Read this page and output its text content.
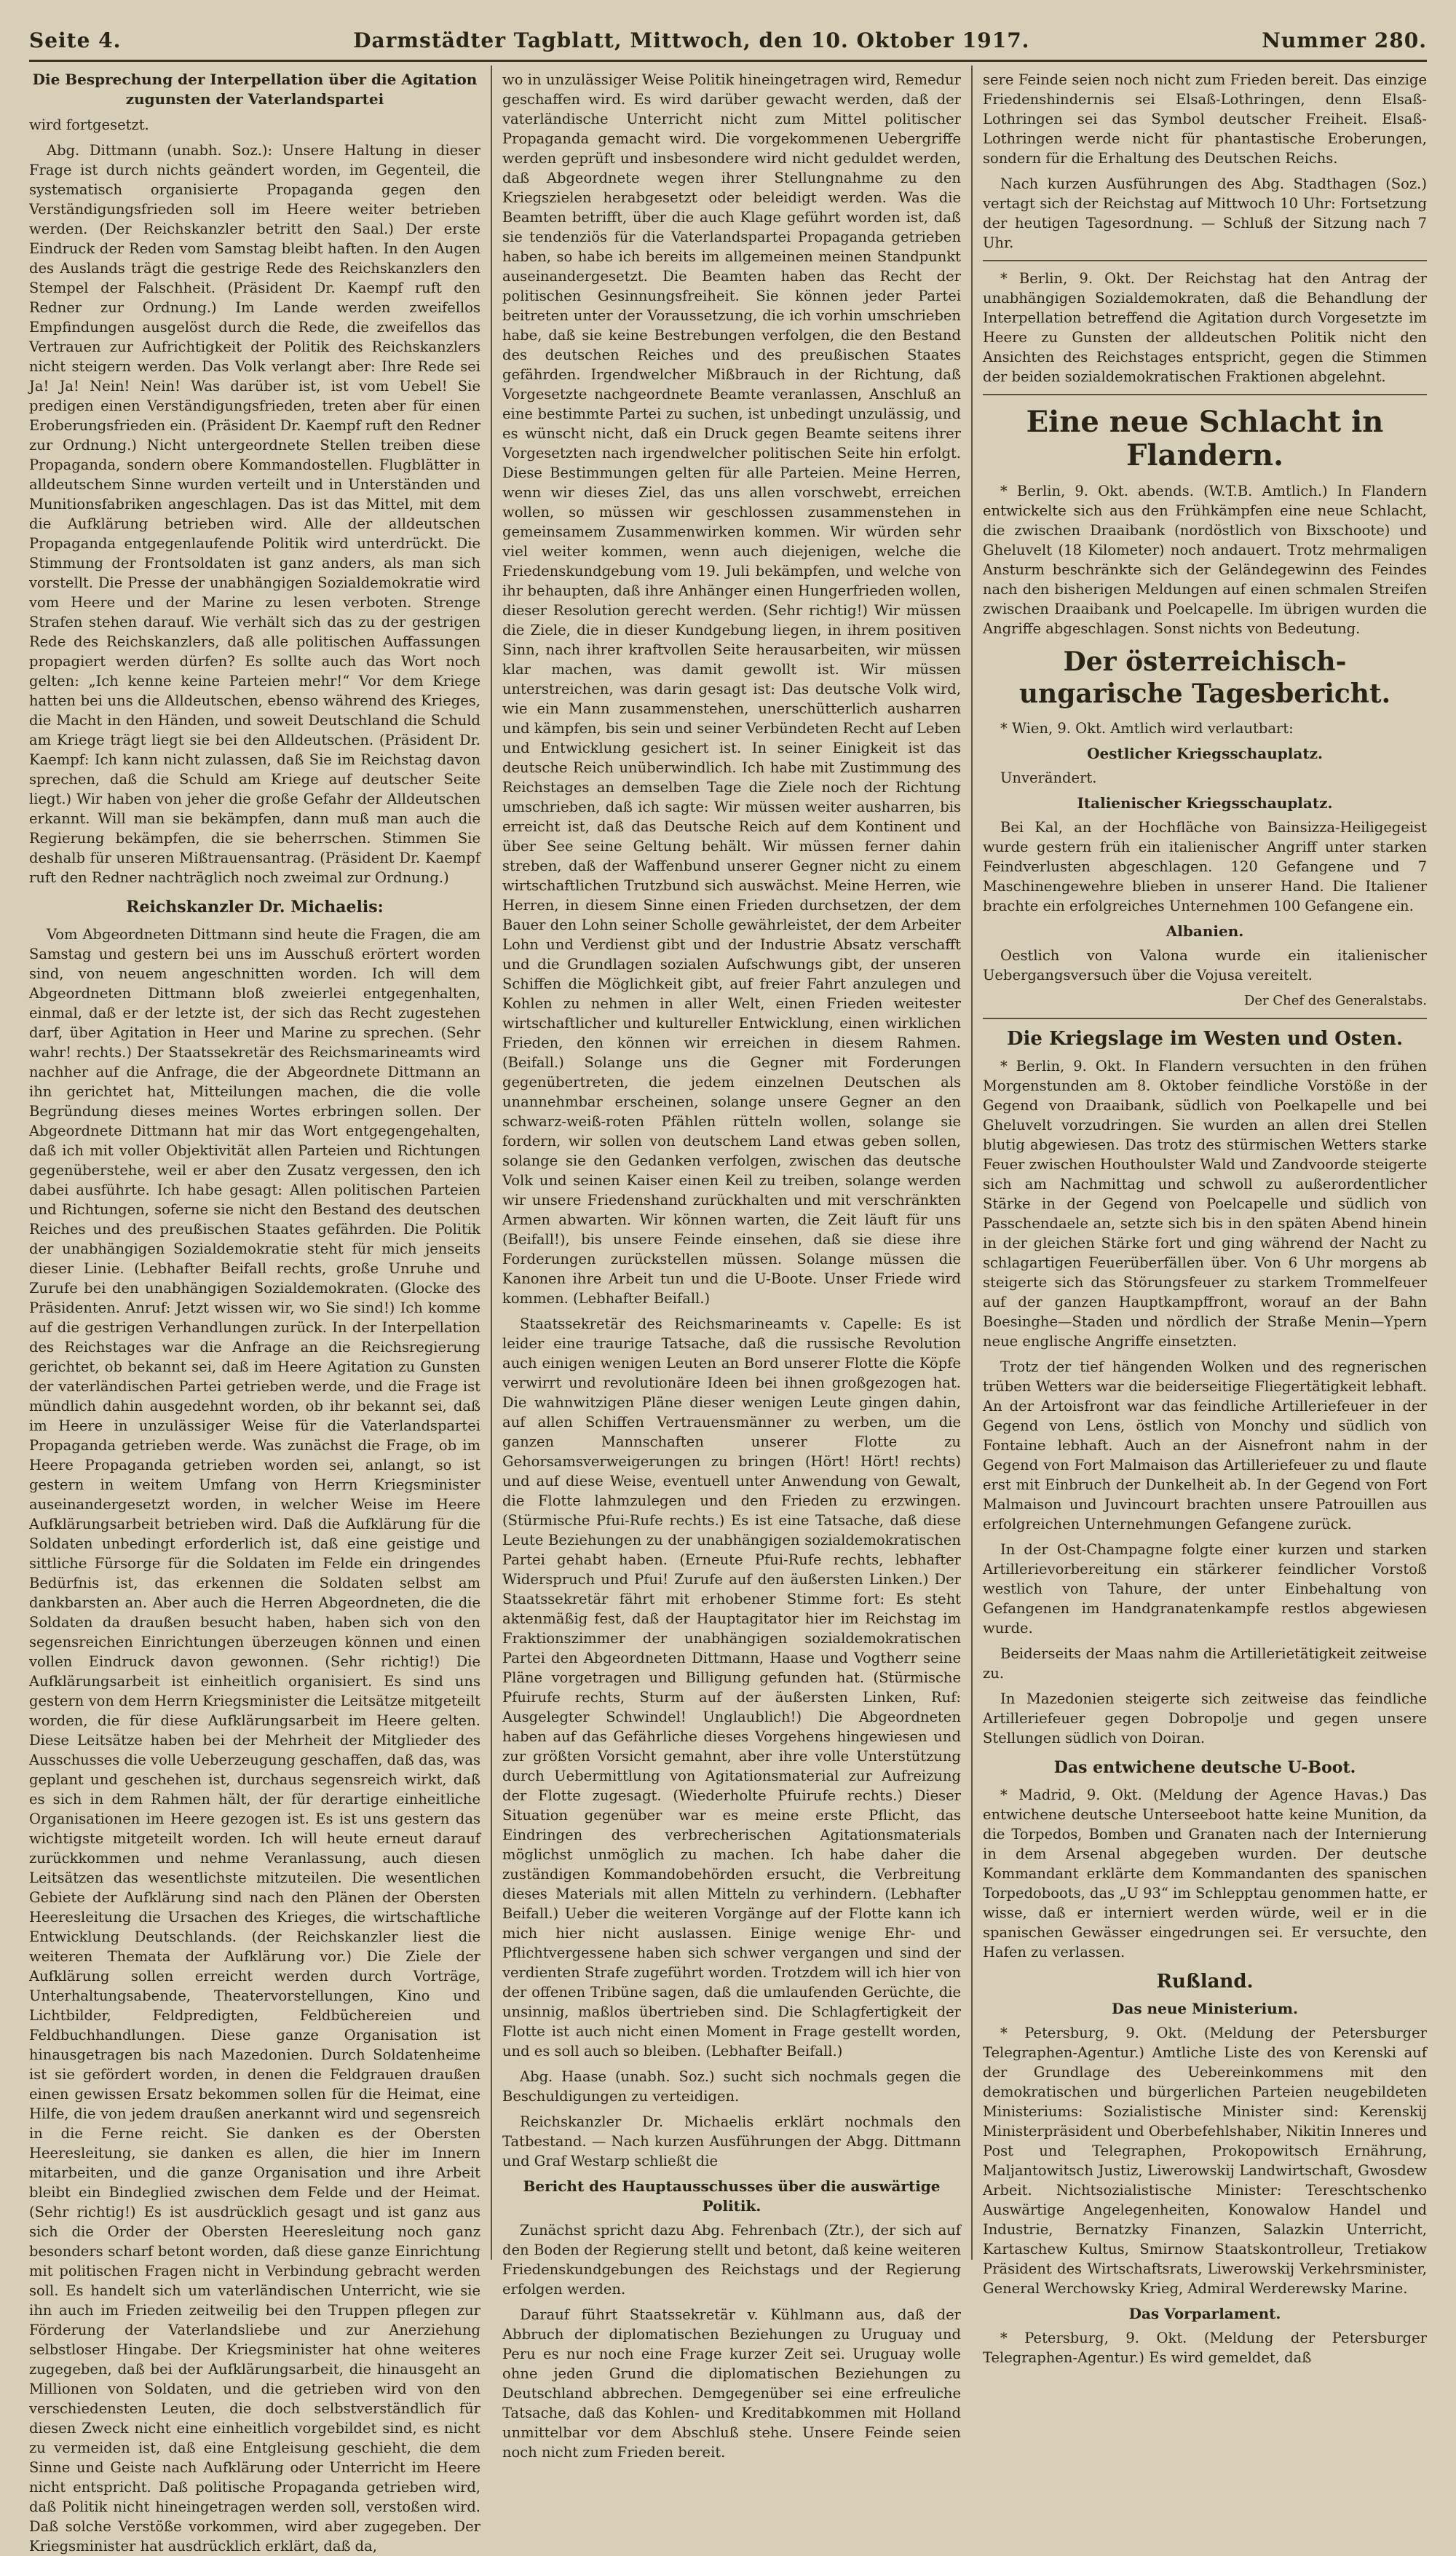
Seite 4.	Darmstädter Tagblatt, Mittwoch, den 10. Oktober 1917.	Nummer 280.
Die Besprechung der Interpellation über die Agitation zugunsten der Vaterlandspartei

wird fortgesetzt.

Abg. Dittmann (unabh. Soz.): Unsere Haltung in dieser Frage ist durch nichts geändert worden, im Gegenteil, die systematisch organisierte Propaganda gegen den Verständigungsfrieden soll im Heere weiter betrieben werden. (Der Reichskanzler betritt den Saal.) Der erste Eindruck der Reden vom Samstag bleibt haften. In den Augen des Auslands trägt die gestrige Rede des Reichskanzlers den Stempel der Falschheit. (Präsident Dr. Kaempf ruft den Redner zur Ordnung.) Im Lande werden zweifellos Empfindungen ausgelöst durch die Rede, die zweifellos das Vertrauen zur Aufrichtigkeit der Politik des Reichskanzlers nicht steigern werden. Das Volk verlangt aber: Ihre Rede sei Ja! Ja! Nein! Nein! Was darüber ist, ist vom Uebel! Sie predigen einen Verständigungsfrieden, treten aber für einen Eroberungsfrieden ein. (Präsident Dr. Kaempf ruft den Redner zur Ordnung.) Nicht untergeordnete Stellen treiben diese Propaganda, sondern obere Kommandostellen. Flugblätter in alldeutschem Sinne wurden verteilt und in Unterständen und Munitionsfabriken angeschlagen. Das ist das Mittel, mit dem die Aufklärung betrieben wird. Alle der alldeutschen Propaganda entgegenlaufende Politik wird unterdrückt. Die Stimmung der Frontsoldaten ist ganz anders, als man sich vorstellt. Die Presse der unabhängigen Sozialdemokratie wird vom Heere und der Marine zu lesen verboten. Strenge Strafen stehen darauf. Wie verhält sich das zu der gestrigen Rede des Reichskanzlers, daß alle politischen Auffassungen propagiert werden dürfen? Es sollte auch das Wort noch gelten: „Ich kenne keine Parteien mehr!“ Vor dem Kriege hatten bei uns die Alldeutschen, ebenso während des Krieges, die Macht in den Händen, und soweit Deutschland die Schuld am Kriege trägt liegt sie bei den Alldeutschen. (Präsident Dr. Kaempf: Ich kann nicht zulassen, daß Sie im Reichstag davon sprechen, daß die Schuld am Kriege auf deutscher Seite liegt.) Wir haben von jeher die große Gefahr der Alldeutschen erkannt. Will man sie bekämpfen, dann muß man auch die Regierung bekämpfen, die sie beherrschen. Stimmen Sie deshalb für unseren Mißtrauensantrag. (Präsident Dr. Kaempf ruft den Redner nachträglich noch zweimal zur Ordnung.)

Reichskanzler Dr. Michaelis:

Vom Abgeordneten Dittmann sind heute die Fragen, die am Samstag und gestern bei uns im Ausschuß erörtert worden sind, von neuem angeschnitten worden. Ich will dem Abgeordneten Dittmann bloß zweierlei entgegenhalten, einmal, daß er der letzte ist, der sich das Recht zugestehen darf, über Agitation in Heer und Marine zu sprechen. (Sehr wahr! rechts.) Der Staatssekretär des Reichsmarineamts wird nachher auf die Anfrage, die der Abgeordnete Dittmann an ihn gerichtet hat, Mitteilungen machen, die die volle Begründung dieses meines Wortes erbringen sollen. Der Abgeordnete Dittmann hat mir das Wort entgegengehalten, daß ich mit voller Objektivität allen Parteien und Richtungen gegenüberstehe, weil er aber den Zusatz vergessen, den ich dabei ausführte. Ich habe gesagt: Allen politischen Parteien und Richtungen, soferne sie nicht den Bestand des deutschen Reiches und des preußischen Staates gefährden. Die Politik der unabhängigen Sozialdemokratie steht für mich jenseits dieser Linie. (Lebhafter Beifall rechts, große Unruhe und Zurufe bei den unabhängigen Sozialdemokraten. (Glocke des Präsidenten. Anruf: Jetzt wissen wir, wo Sie sind!) Ich komme auf die gestrigen Verhandlungen zurück. In der Interpellation des Reichstages war die Anfrage an die Reichsregierung gerichtet, ob bekannt sei, daß im Heere Agitation zu Gunsten der vaterländischen Partei getrieben werde, und die Frage ist mündlich dahin ausgedehnt worden, ob ihr bekannt sei, daß im Heere in unzulässiger Weise für die Vaterlandspartei Propaganda getrieben werde. Was zunächst die Frage, ob im Heere Propaganda getrieben worden sei, anlangt, so ist gestern in weitem Umfang von Herrn Kriegsminister auseinandergesetzt worden, in welcher Weise im Heere Aufklärungsarbeit betrieben wird. Daß die Aufklärung für die Soldaten unbedingt erforderlich ist, daß eine geistige und sittliche Fürsorge für die Soldaten im Felde ein dringendes Bedürfnis ist, das erkennen die Soldaten selbst am dankbarsten an. Aber auch die Herren Abgeordneten, die die Soldaten da draußen besucht haben, haben sich von den segensreichen Einrichtungen überzeugen können und einen vollen Eindruck davon gewonnen. (Sehr richtig!) Die Aufklärungsarbeit ist einheitlich organisiert. Es sind uns gestern von dem Herrn Kriegsminister die Leitsätze mitgeteilt worden, die für diese Aufklärungsarbeit im Heere gelten. Diese Leitsätze haben bei der Mehrheit der Mitglieder des Ausschusses die volle Ueberzeugung geschaffen, daß das, was geplant und geschehen ist, durchaus segensreich wirkt, daß es sich in dem Rahmen hält, der für derartige einheitliche Organisationen im Heere gezogen ist. Es ist uns gestern das wichtigste mitgeteilt worden. Ich will heute erneut darauf zurückkommen und nehme Veranlassung, auch diesen Leitsätzen das wesentlichste mitzuteilen. Die wesentlichen Gebiete der Aufklärung sind nach den Plänen der Obersten Heeresleitung die Ursachen des Krieges, die wirtschaftliche Entwicklung Deutschlands. (der Reichskanzler liest die weiteren Themata der Aufklärung vor.) Die Ziele der Aufklärung sollen erreicht werden durch Vorträge, Unterhaltungsabende, Theatervorstellungen, Kino und Lichtbilder, Feldpredigten, Feldbüchereien und Feldbuchhandlungen. Diese ganze Organisation ist hinausgetragen bis nach Mazedonien. Durch Soldatenheime ist sie gefördert worden, in denen die Feldgrauen draußen einen gewissen Ersatz bekommen sollen für die Heimat, eine Hilfe, die von jedem draußen anerkannt wird und segensreich in die Ferne reicht. Sie danken es der Obersten Heeresleitung, sie danken es allen, die hier im Innern mitarbeiten, und die ganze Organisation und ihre Arbeit bleibt ein Bindeglied zwischen dem Felde und der Heimat. (Sehr richtig!) Es ist ausdrücklich gesagt und ist ganz aus sich die Order der Obersten Heeresleitung noch ganz besonders scharf betont worden, daß diese ganze Einrichtung mit politischen Fragen nicht in Verbindung gebracht werden soll. Es handelt sich um vaterländischen Unterricht, wie sie ihn auch im Frieden zeitweilig bei den Truppen pflegen zur Förderung der Vaterlandsliebe und zur Anerziehung selbstloser Hingabe. Der Kriegsminister hat ohne weiteres zugegeben, daß bei der Aufklärungsarbeit, die hinausgeht an Millionen von Soldaten, und die getrieben wird von den verschiedensten Leuten, die doch selbstverständlich für diesen Zweck nicht eine einheitlich vorgebildet sind, es nicht zu vermeiden ist, daß eine Entgleisung geschieht, die dem Sinne und Geiste nach Aufklärung oder Unterricht im Heere nicht entspricht. Daß politische Propaganda getrieben wird, daß Politik nicht hineingetragen werden soll, verstoßen wird. Daß solche Verstöße vorkommen, wird aber zugegeben. Der Kriegsminister hat ausdrücklich erklärt, daß da,

wo in unzulässiger Weise Politik hineingetragen wird, Remedur geschaffen wird. Es wird darüber gewacht werden, daß der vaterländische Unterricht nicht zum Mittel politischer Propaganda gemacht wird. Die vorgekommenen Uebergriffe werden geprüft und insbesondere wird nicht geduldet werden, daß Abgeordnete wegen ihrer Stellungnahme zu den Kriegszielen herabgesetzt oder beleidigt werden. Was die Beamten betrifft, über die auch Klage geführt worden ist, daß sie tendenziös für die Vaterlandspartei Propaganda getrieben haben, so habe ich bereits im allgemeinen meinen Standpunkt auseinandergesetzt. Die Beamten haben das Recht der politischen Gesinnungsfreiheit. Sie können jeder Partei beitreten unter der Voraussetzung, die ich vorhin umschrieben habe, daß sie keine Bestrebungen verfolgen, die den Bestand des deutschen Reiches und des preußischen Staates gefährden. Irgendwelcher Mißbrauch in der Richtung, daß Vorgesetzte nachgeordnete Beamte veranlassen, Anschluß an eine bestimmte Partei zu suchen, ist unbedingt unzulässig, und es wünscht nicht, daß ein Druck gegen Beamte seitens ihrer Vorgesetzten nach irgendwelcher politischen Seite hin erfolgt. Diese Bestimmungen gelten für alle Parteien. Meine Herren, wenn wir dieses Ziel, das uns allen vorschwebt, erreichen wollen, so müssen wir geschlossen zusammenstehen in gemeinsamem Zusammenwirken kommen. Wir würden sehr viel weiter kommen, wenn auch diejenigen, welche die Friedenskundgebung vom 19. Juli bekämpfen, und welche von ihr behaupten, daß ihre Anhänger einen Hungerfrieden wollen, dieser Resolution gerecht werden. (Sehr richtig!) Wir müssen die Ziele, die in dieser Kundgebung liegen, in ihrem positiven Sinn, nach ihrer kraftvollen Seite herausarbeiten, wir müssen klar machen, was damit gewollt ist. Wir müssen unterstreichen, was darin gesagt ist: Das deutsche Volk wird, wie ein Mann zusammenstehen, unerschütterlich ausharren und kämpfen, bis sein und seiner Verbündeten Recht auf Leben und Entwicklung gesichert ist. In seiner Einigkeit ist das deutsche Reich unüberwindlich. Ich habe mit Zustimmung des Reichstages an demselben Tage die Ziele noch der Richtung umschrieben, daß ich sagte: Wir müssen weiter ausharren, bis erreicht ist, daß das Deutsche Reich auf dem Kontinent und über See seine Geltung behält. Wir müssen ferner dahin streben, daß der Waffenbund unserer Gegner nicht zu einem wirtschaftlichen Trutzbund sich auswächst. Meine Herren, wie Herren, in diesem Sinne einen Frieden durchsetzen, der dem Bauer den Lohn seiner Scholle gewährleistet, der dem Arbeiter Lohn und Verdienst gibt und der Industrie Absatz verschafft und die Grundlagen sozialen Aufschwungs gibt, der unseren Schiffen die Möglichkeit gibt, auf freier Fahrt anzulegen und Kohlen zu nehmen in aller Welt, einen Frieden weitester wirtschaftlicher und kultureller Entwicklung, einen wirklichen Frieden, den können wir erreichen in diesem Rahmen. (Beifall.) Solange uns die Gegner mit Forderungen gegenübertreten, die jedem einzelnen Deutschen als unannehmbar erscheinen, solange unsere Gegner an den schwarz-weiß-roten Pfählen rütteln wollen, solange sie fordern, wir sollen von deutschem Land etwas geben sollen, solange sie den Gedanken verfolgen, zwischen das deutsche Volk und seinen Kaiser einen Keil zu treiben, solange werden wir unsere Friedenshand zurückhalten und mit verschränkten Armen abwarten. Wir können warten, die Zeit läuft für uns (Beifall!), bis unsere Feinde einsehen, daß sie diese ihre Forderungen zurückstellen müssen. Solange müssen die Kanonen ihre Arbeit tun und die U-Boote. Unser Friede wird kommen. (Lebhafter Beifall.)

Staatssekretär des Reichsmarineamts v. Capelle: Es ist leider eine traurige Tatsache, daß die russische Revolution auch einigen wenigen Leuten an Bord unserer Flotte die Köpfe verwirrt und revolutionäre Ideen bei ihnen großgezogen hat. Die wahnwitzigen Pläne dieser wenigen Leute gingen dahin, auf allen Schiffen Vertrauensmänner zu werben, um die ganzen Mannschaften unserer Flotte zu Gehorsamsverweigerungen zu bringen (Hört! Hört! rechts) und auf diese Weise, eventuell unter Anwendung von Gewalt, die Flotte lahmzulegen und den Frieden zu erzwingen. (Stürmische Pfui-Rufe rechts.) Es ist eine Tatsache, daß diese Leute Beziehungen zu der unabhängigen sozialdemokratischen Partei gehabt haben. (Erneute Pfui-Rufe rechts, lebhafter Widerspruch und Pfui! Zurufe auf den äußersten Linken.) Der Staatssekretär fährt mit erhobener Stimme fort: Es steht aktenmäßig fest, daß der Hauptagitator hier im Reichstag im Fraktionszimmer der unabhängigen sozialdemokratischen Partei den Abgeordneten Dittmann, Haase und Vogtherr seine Pläne vorgetragen und Billigung gefunden hat. (Stürmische Pfuirufe rechts, Sturm auf der äußersten Linken, Ruf: Ausgelegter Schwindel! Unglaublich!) Die Abgeordneten haben auf das Gefährliche dieses Vorgehens hingewiesen und zur größten Vorsicht gemahnt, aber ihre volle Unterstützung durch Uebermittlung von Agitationsmaterial zur Aufreizung der Flotte zugesagt. (Wiederholte Pfuirufe rechts.) Dieser Situation gegenüber war es meine erste Pflicht, das Eindringen des verbrecherischen Agitationsmaterials möglichst unmöglich zu machen. Ich habe daher die zuständigen Kommandobehörden ersucht, die Verbreitung dieses Materials mit allen Mitteln zu verhindern. (Lebhafter Beifall.) Ueber die weiteren Vorgänge auf der Flotte kann ich mich hier nicht auslassen. Einige wenige Ehr- und Pflichtvergessene haben sich schwer vergangen und sind der verdienten Strafe zugeführt worden. Trotzdem will ich hier von der offenen Tribüne sagen, daß die umlaufenden Gerüchte, die unsinnig, maßlos übertrieben sind. Die Schlagfertigkeit der Flotte ist auch nicht einen Moment in Frage gestellt worden, und es soll auch so bleiben. (Lebhafter Beifall.)

Abg. Haase (unabh. Soz.) sucht sich nochmals gegen die Beschuldigungen zu verteidigen.

Reichskanzler Dr. Michaelis erklärt nochmals den Tatbestand. — Nach kurzen Ausführungen der Abgg. Dittmann und Graf Westarp schließt die

Bericht des Hauptausschusses über die auswärtige Politik.

Zunächst spricht dazu Abg. Fehrenbach (Ztr.), der sich auf den Boden der Regierung stellt und betont, daß keine weiteren Friedenskundgebungen des Reichstags und der Regierung erfolgen werden.

Darauf führt Staatssekretär v. Kühlmann aus, daß der Abbruch der diplomatischen Beziehungen zu Uruguay und Peru es nur noch eine Frage kurzer Zeit sei. Uruguay wolle ohne jeden Grund die diplomatischen Beziehungen zu Deutschland abbrechen. Demgegenüber sei eine erfreuliche Tatsache, daß das Kohlen- und Kreditabkommen mit Holland unmittelbar vor dem Abschluß stehe. Unsere Feinde seien noch nicht zum Frieden bereit.

sere Feinde seien noch nicht zum Frieden bereit. Das einzige Friedenshindernis sei Elsaß-Lothringen, denn Elsaß-Lothringen sei das Symbol deutscher Freiheit. Elsaß-Lothringen werde nicht für phantastische Eroberungen, sondern für die Erhaltung des Deutschen Reichs.

Nach kurzen Ausführungen des Abg. Stadthagen (Soz.) vertagt sich der Reichstag auf Mittwoch 10 Uhr: Fortsetzung der heutigen Tagesordnung. — Schluß der Sitzung nach 7 Uhr.

* Berlin, 9. Okt. Der Reichstag hat den Antrag der unabhängigen Sozialdemokraten, daß die Behandlung der Interpellation betreffend die Agitation durch Vorgesetzte im Heere zu Gunsten der alldeutschen Politik nicht den Ansichten des Reichstages entspricht, gegen die Stimmen der beiden sozialdemokratischen Fraktionen abgelehnt.

Eine neue Schlacht in Flandern.

* Berlin, 9. Okt. abends. (W.T.B. Amtlich.) In Flandern entwickelte sich aus den Frühkämpfen eine neue Schlacht, die zwischen Draaibank (nordöstlich von Bixschoote) und Gheluvelt (18 Kilometer) noch andauert. Trotz mehrmaligen Ansturm beschränkte sich der Geländegewinn des Feindes nach den bisherigen Meldungen auf einen schmalen Streifen zwischen Draaibank und Poelcapelle. Im übrigen wurden die Angriffe abgeschlagen. Sonst nichts von Bedeutung.

Der österreichisch-ungarische Tagesbericht.

* Wien, 9. Okt. Amtlich wird verlautbart:

Oestlicher Kriegsschauplatz.

Unverändert.

Italienischer Kriegsschauplatz.

Bei Kal, an der Hochfläche von Bainsizza-Heiligegeist wurde gestern früh ein italienischer Angriff unter starken Feindverlusten abgeschlagen. 120 Gefangene und 7 Maschinengewehre blieben in unserer Hand. Die Italiener brachte ein erfolgreiches Unternehmen 100 Gefangene ein.

Albanien.

Oestlich von Valona wurde ein italienischer Uebergangsversuch über die Vojusa vereitelt.

Der Chef des Generalstabs.
Die Kriegslage im Westen und Osten.

* Berlin, 9. Okt. In Flandern versuchten in den frühen Morgenstunden am 8. Oktober feindliche Vorstöße in der Gegend von Draaibank, südlich von Poelkapelle und bei Gheluvelt vorzudringen. Sie wurden an allen drei Stellen blutig abgewiesen. Das trotz des stürmischen Wetters starke Feuer zwischen Houthoulster Wald und Zandvoorde steigerte sich am Nachmittag und schwoll zu außerordentlicher Stärke in der Gegend von Poelcapelle und südlich von Passchendaele an, setzte sich bis in den späten Abend hinein in der gleichen Stärke fort und ging während der Nacht zu schlagartigen Feuerüberfällen über. Von 6 Uhr morgens ab steigerte sich das Störungsfeuer zu starkem Trommelfeuer auf der ganzen Hauptkampffront, worauf an der Bahn Boesinghe—Staden und nördlich der Straße Menin—Ypern neue englische Angriffe einsetzten.

Trotz der tief hängenden Wolken und des regnerischen trüben Wetters war die beiderseitige Fliegertätigkeit lebhaft. An der Artoisfront war das feindliche Artilleriefeuer in der Gegend von Lens, östlich von Monchy und südlich von Fontaine lebhaft. Auch an der Aisnefront nahm in der Gegend von Fort Malmaison das Artilleriefeuer zu und flaute erst mit Einbruch der Dunkelheit ab. In der Gegend von Fort Malmaison und Juvincourt brachten unsere Patrouillen aus erfolgreichen Unternehmungen Gefangene zurück.

In der Ost-Champagne folgte einer kurzen und starken Artillerievorbereitung ein stärkerer feindlicher Vorstoß westlich von Tahure, der unter Einbehaltung von Gefangenen im Handgranatenkampfe restlos abgewiesen wurde.

Beiderseits der Maas nahm die Artillerietätigkeit zeitweise zu.

In Mazedonien steigerte sich zeitweise das feindliche Artilleriefeuer gegen Dobropolje und gegen unsere Stellungen südlich von Doiran.

Das entwichene deutsche U-Boot.

* Madrid, 9. Okt. (Meldung der Agence Havas.) Das entwichene deutsche Unterseeboot hatte keine Munition, da die Torpedos, Bomben und Granaten nach der Internierung in dem Arsenal abgegeben wurden. Der deutsche Kommandant erklärte dem Kommandanten des spanischen Torpedoboots, das „U 93“ im Schlepptau genommen hatte, er wisse, daß er interniert werden würde, weil er in die spanischen Gewässer eingedrungen sei. Er versuchte, den Hafen zu verlassen.

Rußland.
Das neue Ministerium.

* Petersburg, 9. Okt. (Meldung der Petersburger Telegraphen-Agentur.) Amtliche Liste des von Kerenski auf der Grundlage des Uebereinkommens mit den demokratischen und bürgerlichen Parteien neugebildeten Ministeriums: Sozialistische Minister sind: Kerenskij Ministerpräsident und Oberbefehlshaber, Nikitin Inneres und Post und Telegraphen, Prokopowitsch Ernährung, Maljantowitsch Justiz, Liwerowskij Landwirtschaft, Gwosdew Arbeit. Nichtsozialistische Minister: Tereschtschenko Auswärtige Angelegenheiten, Konowalow Handel und Industrie, Bernatzky Finanzen, Salazkin Unterricht, Kartaschew Kultus, Smirnow Staatskontrolleur, Tretiakow Präsident des Wirtschaftsrats, Liwerowskij Verkehrsminister, General Werchowsky Krieg, Admiral Werderewsky Marine.

Das Vorparlament.

* Petersburg, 9. Okt. (Meldung der Petersburger Telegraphen-Agentur.) Es wird gemeldet, daß
